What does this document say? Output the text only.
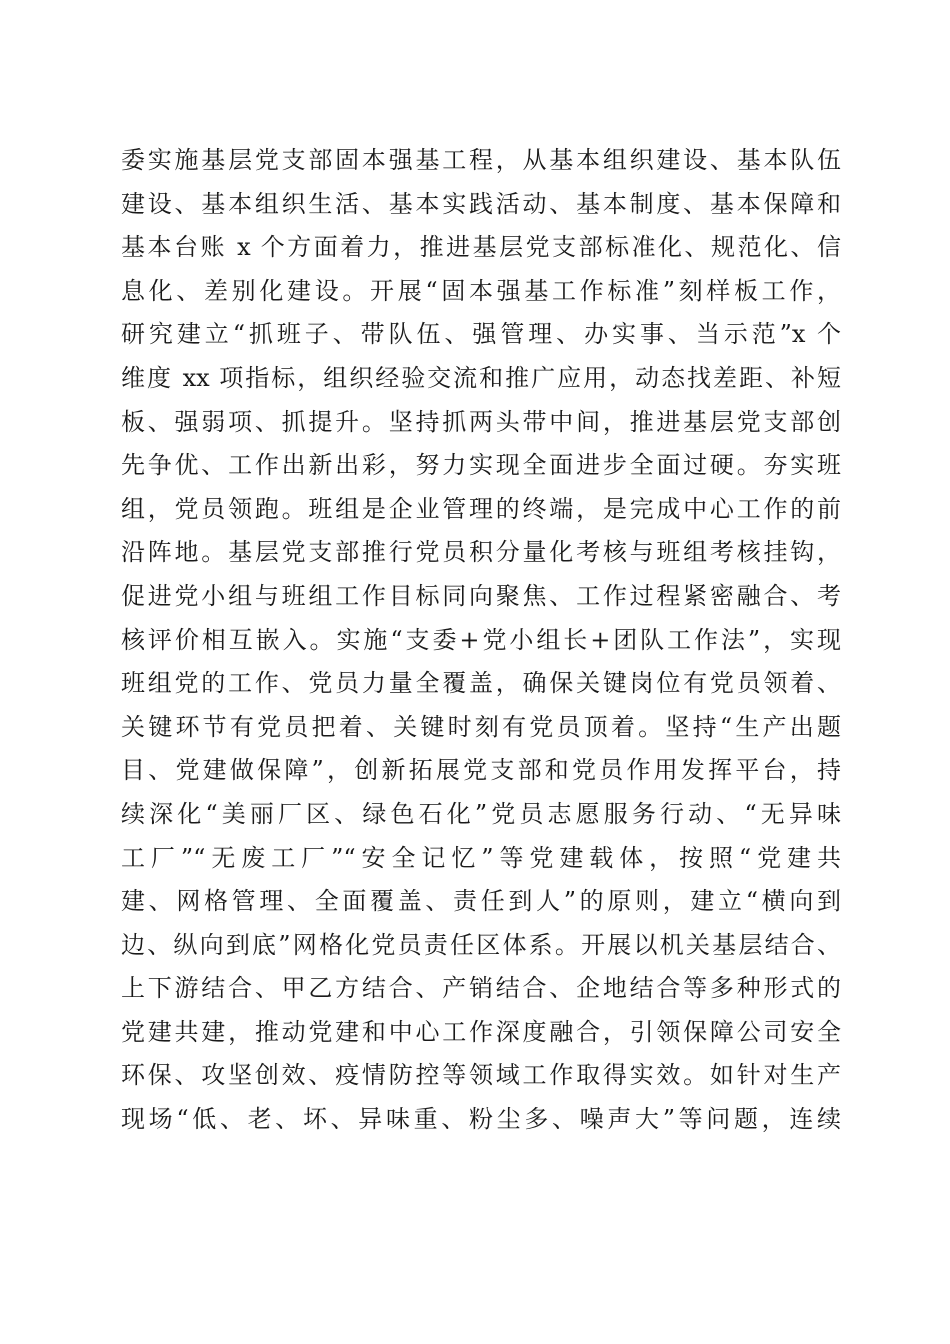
委实施基层党支部固本强基工程，从基本组织建设、基本队伍
建设、基本组织生活、基本实践活动、基本制度、基本保障和
基本台账 x 个方面着力，推进基层党支部标准化、规范化、信
息化、差别化建设。开展“固本强基工作标准”刻样板工作，
研究建立“抓班子、带队伍、强管理、办实事、当示范”x 个
维度 xx 项指标，组织经验交流和推广应用，动态找差距、补短
板、强弱项、抓提升。坚持抓两头带中间，推进基层党支部创
先争优、工作出新出彩，努力实现全面进步全面过硬。夯实班
组，党员领跑。班组是企业管理的终端，是完成中心工作的前
沿阵地。基层党支部推行党员积分量化考核与班组考核挂钩，
促进党小组与班组工作目标同向聚焦、工作过程紧密融合、考
核评价相互嵌入。实施“支委+党小组长+团队工作法”，实现
班组党的工作、党员力量全覆盖，确保关键岗位有党员领着、
关键环节有党员把着、关键时刻有党员顶着。坚持“生产出题
目、党建做保障”，创新拓展党支部和党员作用发挥平台，持
续深化“美丽厂区、绿色石化”党员志愿服务行动、“无异味
工厂”“无废工厂”“安全记忆”等党建载体，按照“党建共
建、网格管理、全面覆盖、责任到人”的原则，建立“横向到
边、纵向到底”网格化党员责任区体系。开展以机关基层结合、
上下游结合、甲乙方结合、产销结合、企地结合等多种形式的
党建共建，推动党建和中心工作深度融合，引领保障公司安全
环保、攻坚创效、疫情防控等领域工作取得实效。如针对生产
现场“低、老、坏、异味重、粉尘多、噪声大”等问题，连续
